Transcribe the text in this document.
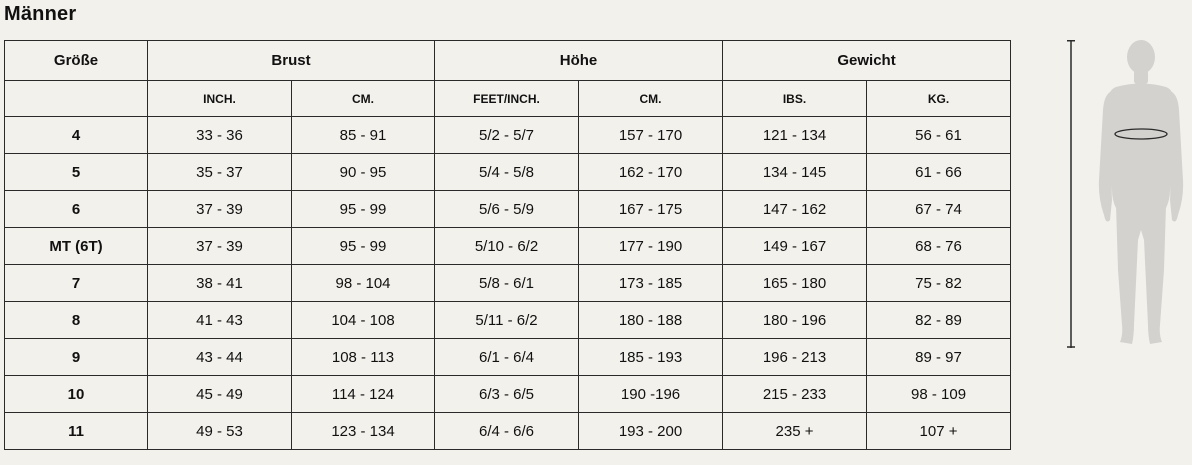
Männer
Größe	Brust		Höhe		Gewicht	
	INCH.	CM.	FEET/INCH.	CM.	IBS.	KG.
4	33 - 36	85 - 91	5/2 - 5/7	157 - 170	121 - 134	56 - 61
5	35 - 37	90 - 95	5/4 - 5/8	162 - 170	134 - 145	61 - 66
6	37 - 39	95 - 99	5/6 - 5/9	167 - 175	147 - 162	67 - 74
MT (6T)	37 - 39	95 - 99	5/10 - 6/2	177 - 190	149 - 167	68 - 76
7	38 - 41	98 - 104	5/8 - 6/1	173 - 185	165 - 180	75 - 82
8	41 - 43	104 - 108	5/11 - 6/2	180 - 188	180 - 196	82 - 89
9	43 - 44	108 - 113	6/1 - 6/4	185 - 193	196 - 213	89 - 97
10	45 - 49	114 - 124	6/3 - 6/5	190 -196	215 - 233	98 - 109
11	49 - 53	123 - 134	6/4 - 6/6	193 - 200	235 +	107 +
